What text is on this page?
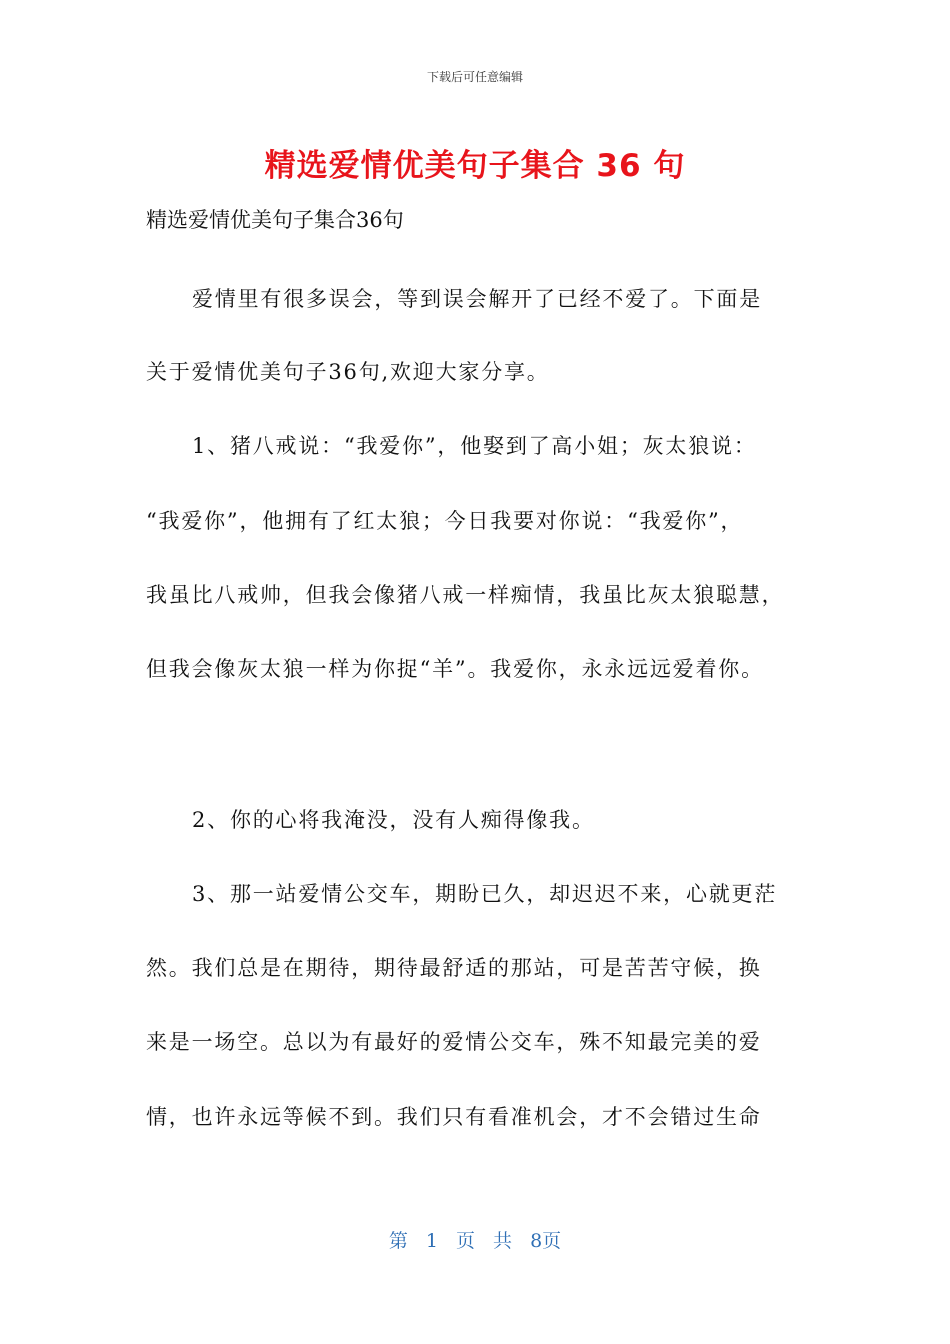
下载后可任意编辑
精选爱情优美句子集合 36 句
精选爱情优美句子集合36句
爱情里有很多误会，等到误会解开了已经不爱了。下面是
关于爱情优美句子36句,欢迎大家分享。
1、猪八戒说：“我爱你”，他娶到了高小姐；灰太狼说：
“我爱你”，他拥有了红太狼；今日我要对你说：“我爱你”，
我虽比八戒帅，但我会像猪八戒一样痴情，我虽比灰太狼聪慧，
但我会像灰太狼一样为你捉“羊”。我爱你，永永远远爱着你。
2、你的心将我淹没，没有人痴得像我。
3、那一站爱情公交车，期盼已久，却迟迟不来，心就更茫
然。我们总是在期待，期待最舒适的那站，可是苦苦守候，换
来是一场空。总以为有最好的爱情公交车，殊不知最完美的爱
情，也许永远等候不到。我们只有看准机会，才不会错过生命
第 1 页 共 8页
